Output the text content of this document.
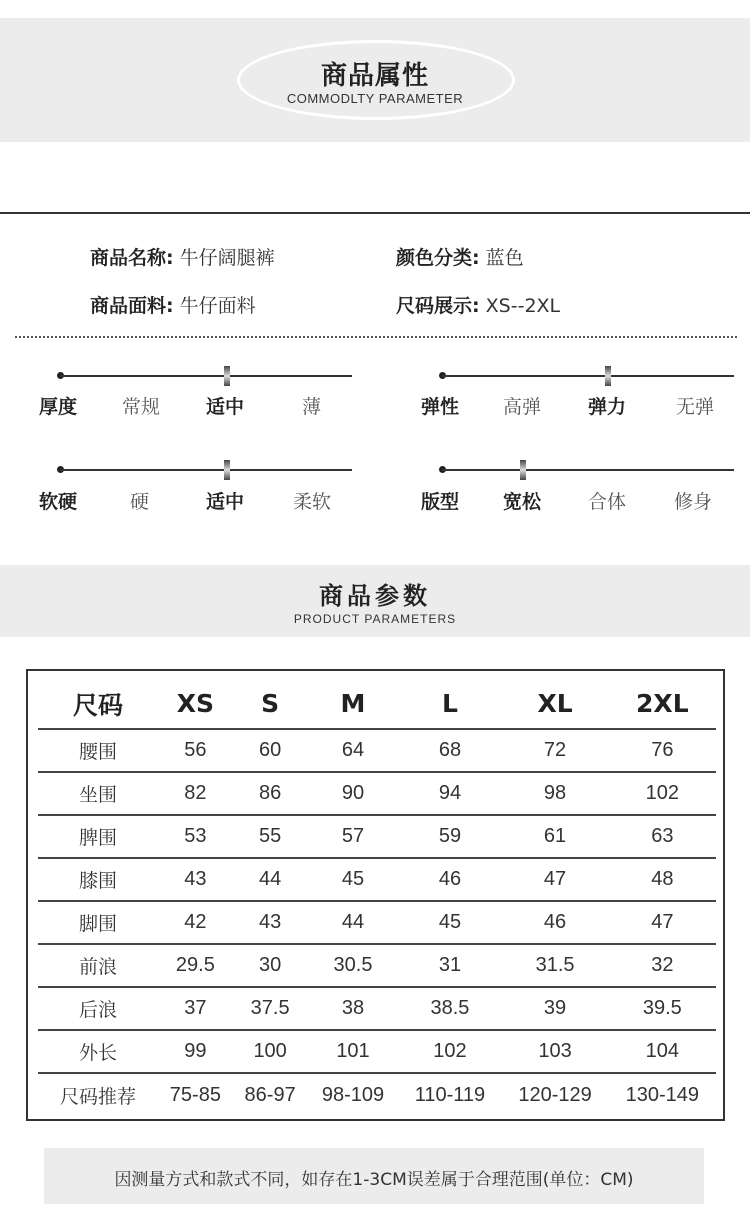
商品属性
COMMODLTY PARAMETER
商品名称: 牛仔阔腿裤	颜色分类: 蓝色
商品面料: 牛仔面料	尺码展示: XS--2XL
厚度 常规 适中	薄	弹性 高弹 弹力	无弹
软硬	硬	适中	柔软	版型 宽松 合体	修身
商品参数
PRODUCT PARAMETERS
尺码	XS	S	M	L	XL	2XL
腰围	56	60	64	68	72	76
坐围	82	86	90	94	98	102
脾围	53	55	57	59	61	63
膝围	43	44	45	46	47	48
脚围	42	43	44	45	46	47
前浪	29.5	30	30.5	31	31.5	32
后浪	37	37.5	38	38.5	39	39.5
外长	99	100	101	102	103	104
尺码推荐	75-85	86-97	98-109	110-119	120-129	130-149
因测量方式和款式不同，如存在1-3CM误差属于合理范围(单位：CM)
